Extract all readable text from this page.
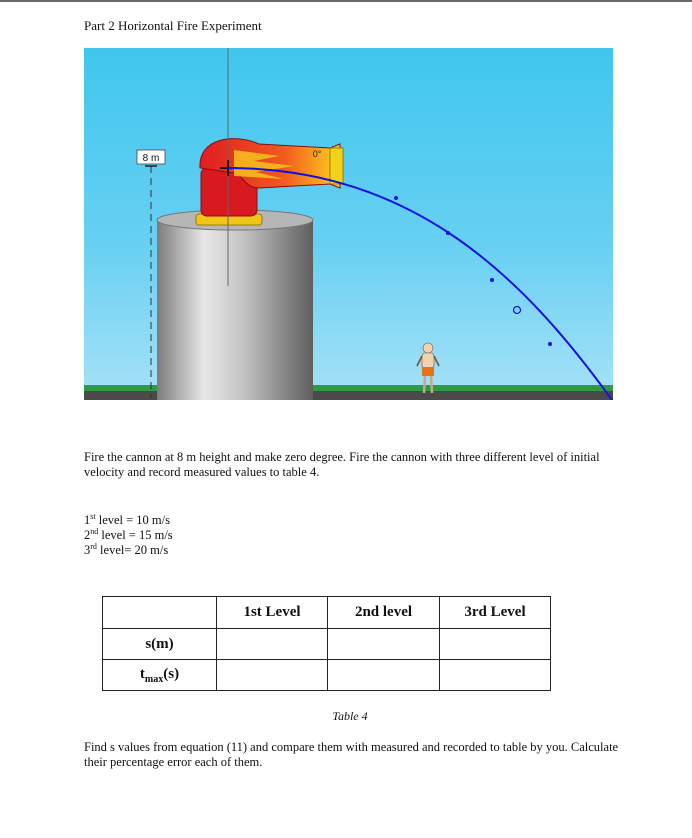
Part 2 Horizontal Fire Experiment
8 m	0°
Fire the cannon at 8 m height and make zero degree. Fire the cannon with three different level of initial velocity and record measured values to table 4.
1st level = 10 m/s
2nd level = 15 m/s
3rd level= 20 m/s
	1st Level	2nd level	3rd Level
s(m)			
$t_{max}(s)$			
Table 4
Find s values from equation (11) and compare them with measured and recorded to table by you. Calculate their percentage error each of them.
